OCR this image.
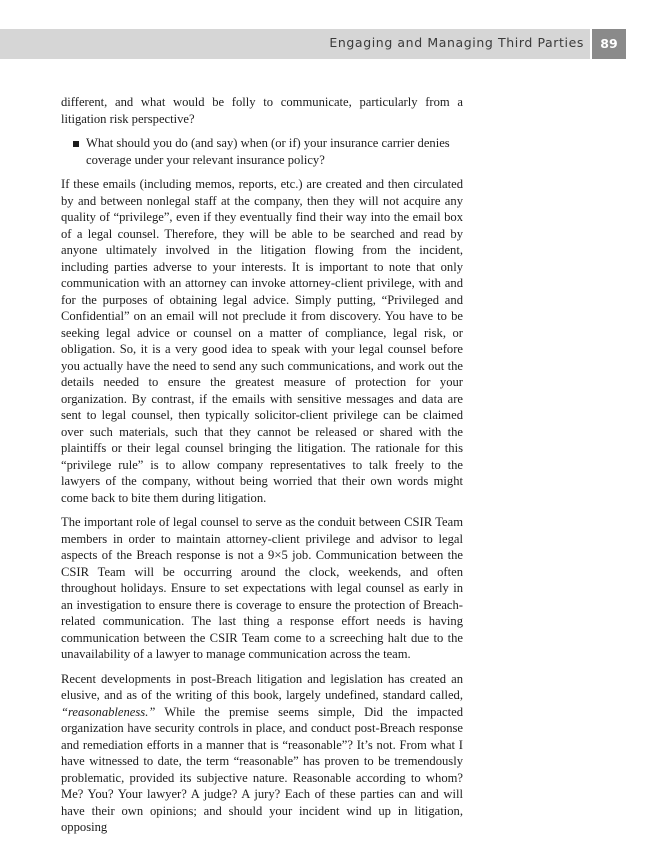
Engaging and Managing Third Parties	89

different, and what would be folly to communicate, particularly from a litigation risk perspective?

What should you do (and say) when (or if) your insurance carrier denies coverage under your relevant insurance policy?

If these emails (including memos, reports, etc.) are created and then circulated by and between nonlegal staff at the company, then they will not acquire any quality of “privilege”, even if they eventually find their way into the email box of a legal counsel. Therefore, they will be able to be searched and read by anyone ultimately involved in the litigation flowing from the incident, including parties adverse to your interests. It is important to note that only communication with an attorney can invoke attorney-client privilege, with and for the purposes of obtaining legal advice. Simply putting, “Privileged and Confidential” on an email will not preclude it from discovery. You have to be seeking legal advice or counsel on a matter of compliance, legal risk, or obligation. So, it is a very good idea to speak with your legal counsel before you actually have the need to send any such communications, and work out the details needed to ensure the greatest measure of protection for your organization. By contrast, if the emails with sensitive messages and data are sent to legal counsel, then typically solicitor-client privilege can be claimed over such materials, such that they cannot be released or shared with the plaintiffs or their legal counsel bringing the litigation. The rationale for this “privilege rule” is to allow company representatives to talk freely to the lawyers of the company, without being worried that their own words might come back to bite them during litigation.

The important role of legal counsel to serve as the conduit between CSIR Team members in order to maintain attorney-client privilege and advisor to legal aspects of the Breach response is not a 9×5 job. Communication between the CSIR Team will be occurring around the clock, weekends, and often throughout holidays. Ensure to set expectations with legal counsel as early in an investigation to ensure there is coverage to ensure the protection of Breach-related communication. The last thing a response effort needs is having communication between the CSIR Team come to a screeching halt due to the unavailability of a lawyer to manage communication across the team.

Recent developments in post-Breach litigation and legislation has created an elusive, and as of the writing of this book, largely undefined, standard called, “reasonableness.” While the premise seems simple, Did the impacted organization have security controls in place, and conduct post-Breach response and remediation efforts in a manner that is “reasonable”? It’s not. From what I have witnessed to date, the term “reasonable” has proven to be tremendously problematic, provided its subjective nature. Reasonable according to whom? Me? You? Your lawyer? A judge? A jury? Each of these parties can and will have their own opinions; and should your incident wind up in litigation, opposing
